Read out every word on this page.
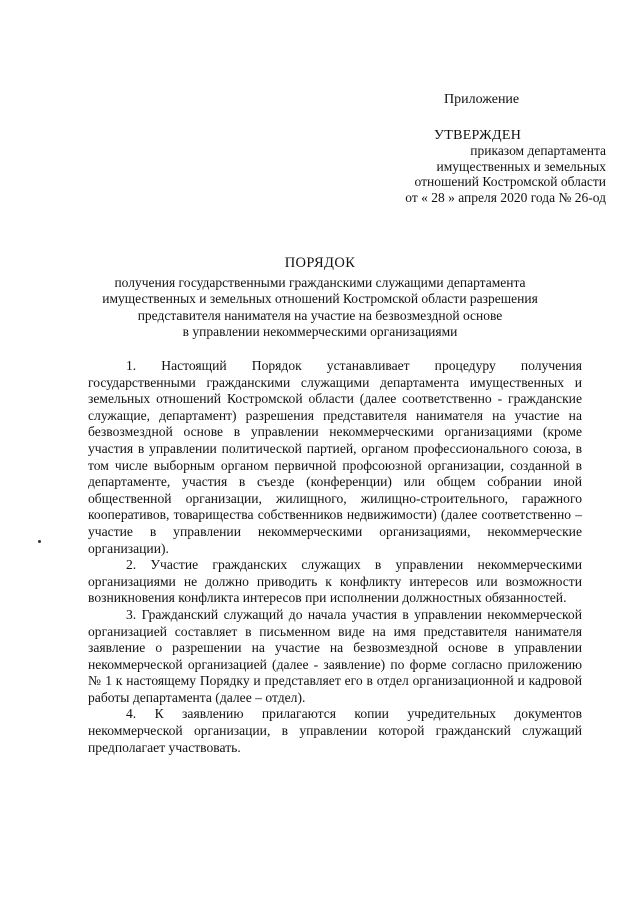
Приложение
УТВЕРЖДЕН
приказом департамента
имущественных и земельных
отношений Костромской области
от « 28 » апреля 2020 года № 26-од
ПОРЯДОК
получения государственными гражданскими служащими департамента
имущественных и земельных отношений Костромской области разрешения
представителя нанимателя на участие на безвозмездной основе
в управлении некоммерческими организациями

1. Настоящий Порядок устанавливает процедуру получения государственными гражданскими служащими департамента имущественных и земельных отношений Костромской области (далее соответственно - гражданские служащие, департамент) разрешения представителя нанимателя на участие на безвозмездной основе в управлении некоммерческими организациями (кроме участия в управлении политической партией, органом профессионального союза, в том числе выборным органом первичной профсоюзной организации, созданной в департаменте, участия в съезде (конференции) или общем собрании иной общественной организации, жилищного, жилищно-строительного, гаражного кооперативов, товарищества собственников недвижимости) (далее соответственно – участие в управлении некоммерческими организациями, некоммерческие организации).

2. Участие гражданских служащих в управлении некоммерческими организациями не должно приводить к конфликту интересов или возможности возникновения конфликта интересов при исполнении должностных обязанностей.

3. Гражданский служащий до начала участия в управлении некоммерческой организацией составляет в письменном виде на имя представителя нанимателя заявление о разрешении на участие на безвозмездной основе в управлении некоммерческой организацией (далее - заявление) по форме согласно приложению № 1 к настоящему Порядку и представляет его в отдел организационной и кадровой работы департамента (далее – отдел).

4. К заявлению прилагаются копии учредительных документов некоммерческой организации, в управлении которой гражданский служащий предполагает участвовать.
